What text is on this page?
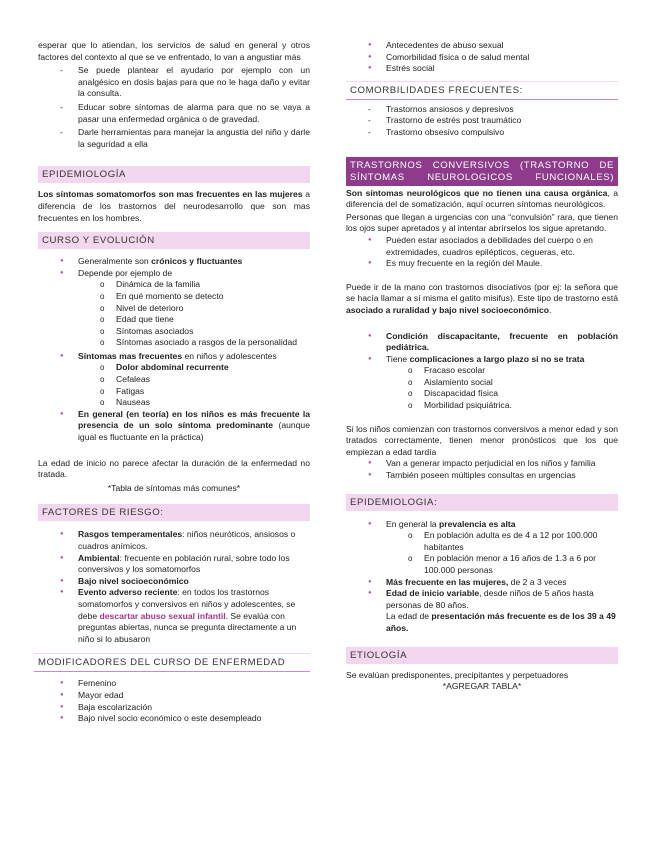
esperar que lo atiendan, los servicios de salud en general y otros factores del contexto al que se ve enfrentado, lo van a angustiar más

- Se puede plantear el ayudario por ejemplo con un analgésico en dosis bajas para que no le haga daño y evitar la consulta.
- Educar sobre síntomas de alarma para que no se vaya a pasar una enfermedad orgánica o de gravedad.
- Darle herramientas para manejar la angustia del niño y darle la seguridad a ella
EPIDEMIOLOGÍA

Los síntomas somatomorfos son mas frecuentes en las mujeres a diferencia de los trastornos del neurodesarrollo que son mas frecuentes en los hombres.

CURSO Y EVOLUCIÓN
● Generalmente son crónicos y fluctuantes
● Depende por ejemplo de
o Dinámica de la familia
o En qué momento se detecto
o Nivel de deterioro
o Edad que tiene
o Síntomas asociados
o Síntomas asociado a rasgos de la personalidad
● Síntomas mas frecuentes en niños y adolescentes
o Dolor abdominal recurrente
o Cefaleas
o Fatigas
o Nauseas
● En general (en teoría) en los niños es más frecuente la presencia de un solo síntoma predominante (aunque igual es fluctuante en la práctica)

La edad de inicio no parece afectar la duración de la enfermedad no tratada.

*Tabla de síntomas más comunes*

FACTORES DE RIESGO:
● Rasgos temperamentales: niños neuróticos, ansiosos o cuadros anímicos.
● Ambiental: frecuente en población rural, sobre todo los conversivos y los somatomorfos
● Bajo nivel socioeconómico
● Evento adverso reciente: en todos los trastornos somatomorfos y conversivos en niños y adolescentes, se debe descartar abuso sexual infantil. Se evalúa con preguntas abiertas, nunca se pregunta directamente a un niño si lo abusaron
MODIFICADORES DEL CURSO DE ENFERMEDAD
● Femenino
● Mayor edad
● Baja escolarización
● Bajo nivel socio económico o este desempleado
● Antecedentes de abuso sexual
● Comorbilidad física o de salud mental
● Estrés social
COMORBILIDADES FRECUENTES:
- Trastornos ansiosos y depresivos
- Trastorno de estrés post traumático
- Trastorno obsesivo compulsivo
TRASTORNOS CONVERSIVOS (TRASTORNO DE SÍNTOMAS NEUROLOGICOS FUNCIONALES)

Son síntomas neurológicos que no tienen una causa orgánica, a diferencia del de somatización, aquí ocurren síntomas neurológicos.

Personas que llegan a urgencias con una “convulsión” rara, que tienen los ojos super apretados y al intentar abrírselos los sigue apretando.

● Pueden estar asociados a debilidades del cuerpo o en extremidades, cuadros epilépticos, cegueras, etc.
● Es muy frecuente en la región del Maule.

Puede ir de la mano con trastornos disociativos (por ej: la señora que se hacía llamar a sí misma el gatito misifus). Este tipo de trastorno está asociado a ruralidad y bajo nivel socioeconómico.

● Condición discapacitante, frecuente en población pediátrica.
● Tiene complicaciones a largo plazo si no se trata
o Fracaso escolar
o Aislamiento social
o Discapacidad física
o Morbilidad psiquiátrica.

Si los niños comienzan con trastornos conversivos a menor edad y son tratados correctamente, tienen menor pronósticos que los que empiezan a edad tardía

● Van a generar impacto perjudicial en los niños y familia
● También poseen múltiples consultas en urgencias
EPIDEMIOLOGIA:
● En general la prevalencia es alta
o En población adulta es de 4 a 12 por 100.000 habitantes
o En población menor a 16 años de 1.3 a 6 por 100.000 personas
● Más frecuente en las mujeres, de 2 a 3 veces
● Edad de inicio variable, desde niños de 5 años hasta personas de 80 años.

La edad de presentación más frecuente es de los 39 a 49 años.

ETIOLOGÍA

Se evalúan predisponentes, precipitantes y perpetuadores

*AGREGAR TABLA*
